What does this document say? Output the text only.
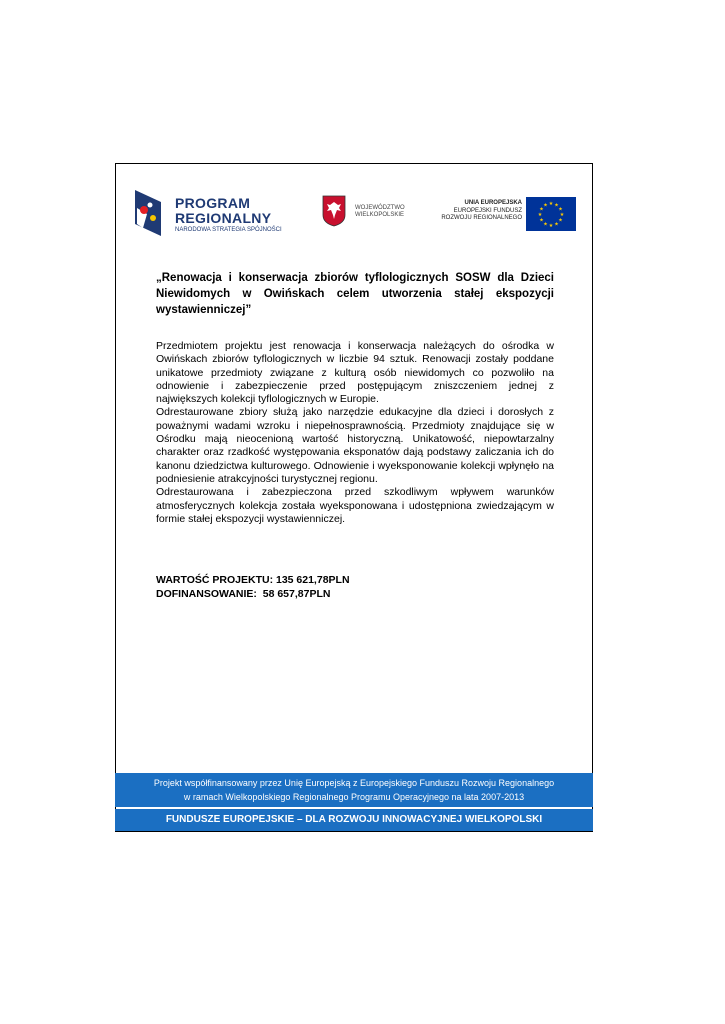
PROGRAM
REGIONALNY
NARODOWA STRATEGIA SPÓJNOŚCI
WOJEWÓDZTWO
WIELKOPOLSKIE
UNIA EUROPEJSKA
EUROPEJSKI FUNDUSZ
ROZWOJU REGIONALNEGO
★ ★
★
★
★
★
★
★
★
★
★
★
„Renowacja i konserwacja zbiorów tyflologicznych SOSW dla Dzieci Niewidomych w Owińskach celem utworzenia stałej ekspozycji wystawienniczej”

Przedmiotem projektu jest renowacja i konserwacja należących do ośrodka w Owińskach zbiorów tyflologicznych w liczbie 94 sztuk. Renowacji zostały poddane unikatowe przedmioty związane z kulturą osób niewidomych co pozwoliło na odnowienie i zabezpieczenie przed postępującym zniszczeniem jednej z największych kolekcji tyflologicznych w Europie.

Odrestaurowane zbiory służą jako narzędzie edukacyjne dla dzieci i dorosłych z poważnymi wadami wzroku i niepełnosprawnością. Przedmioty znajdujące się w Ośrodku mają nieocenioną wartość historyczną. Unikatowość, niepowtarzalny charakter oraz rzadkość występowania eksponatów dają podstawy zaliczania ich do kanonu dziedzictwa kulturowego. Odnowienie i wyeksponowanie kolekcji wpłynęło na podniesienie atrakcyjności turystycznej regionu.

Odrestaurowana i zabezpieczona przed szkodliwym wpływem warunków atmosferycznych kolekcja została wyeksponowana i udostępniona zwiedzającym w formie stałej ekspozycji wystawienniczej.

WARTOŚĆ PROJEKTU: 135 621,78PLN
DOFINANSOWANIE:  58 657,87PLN
Projekt współfinansowany przez Unię Europejską z Europejskiego Funduszu Rozwoju Regionalnego
w ramach Wielkopolskiego Regionalnego Programu Operacyjnego na lata 2007-2013
FUNDUSZE EUROPEJSKIE – DLA ROZWOJU INNOWACYJNEJ WIELKOPOLSKI
